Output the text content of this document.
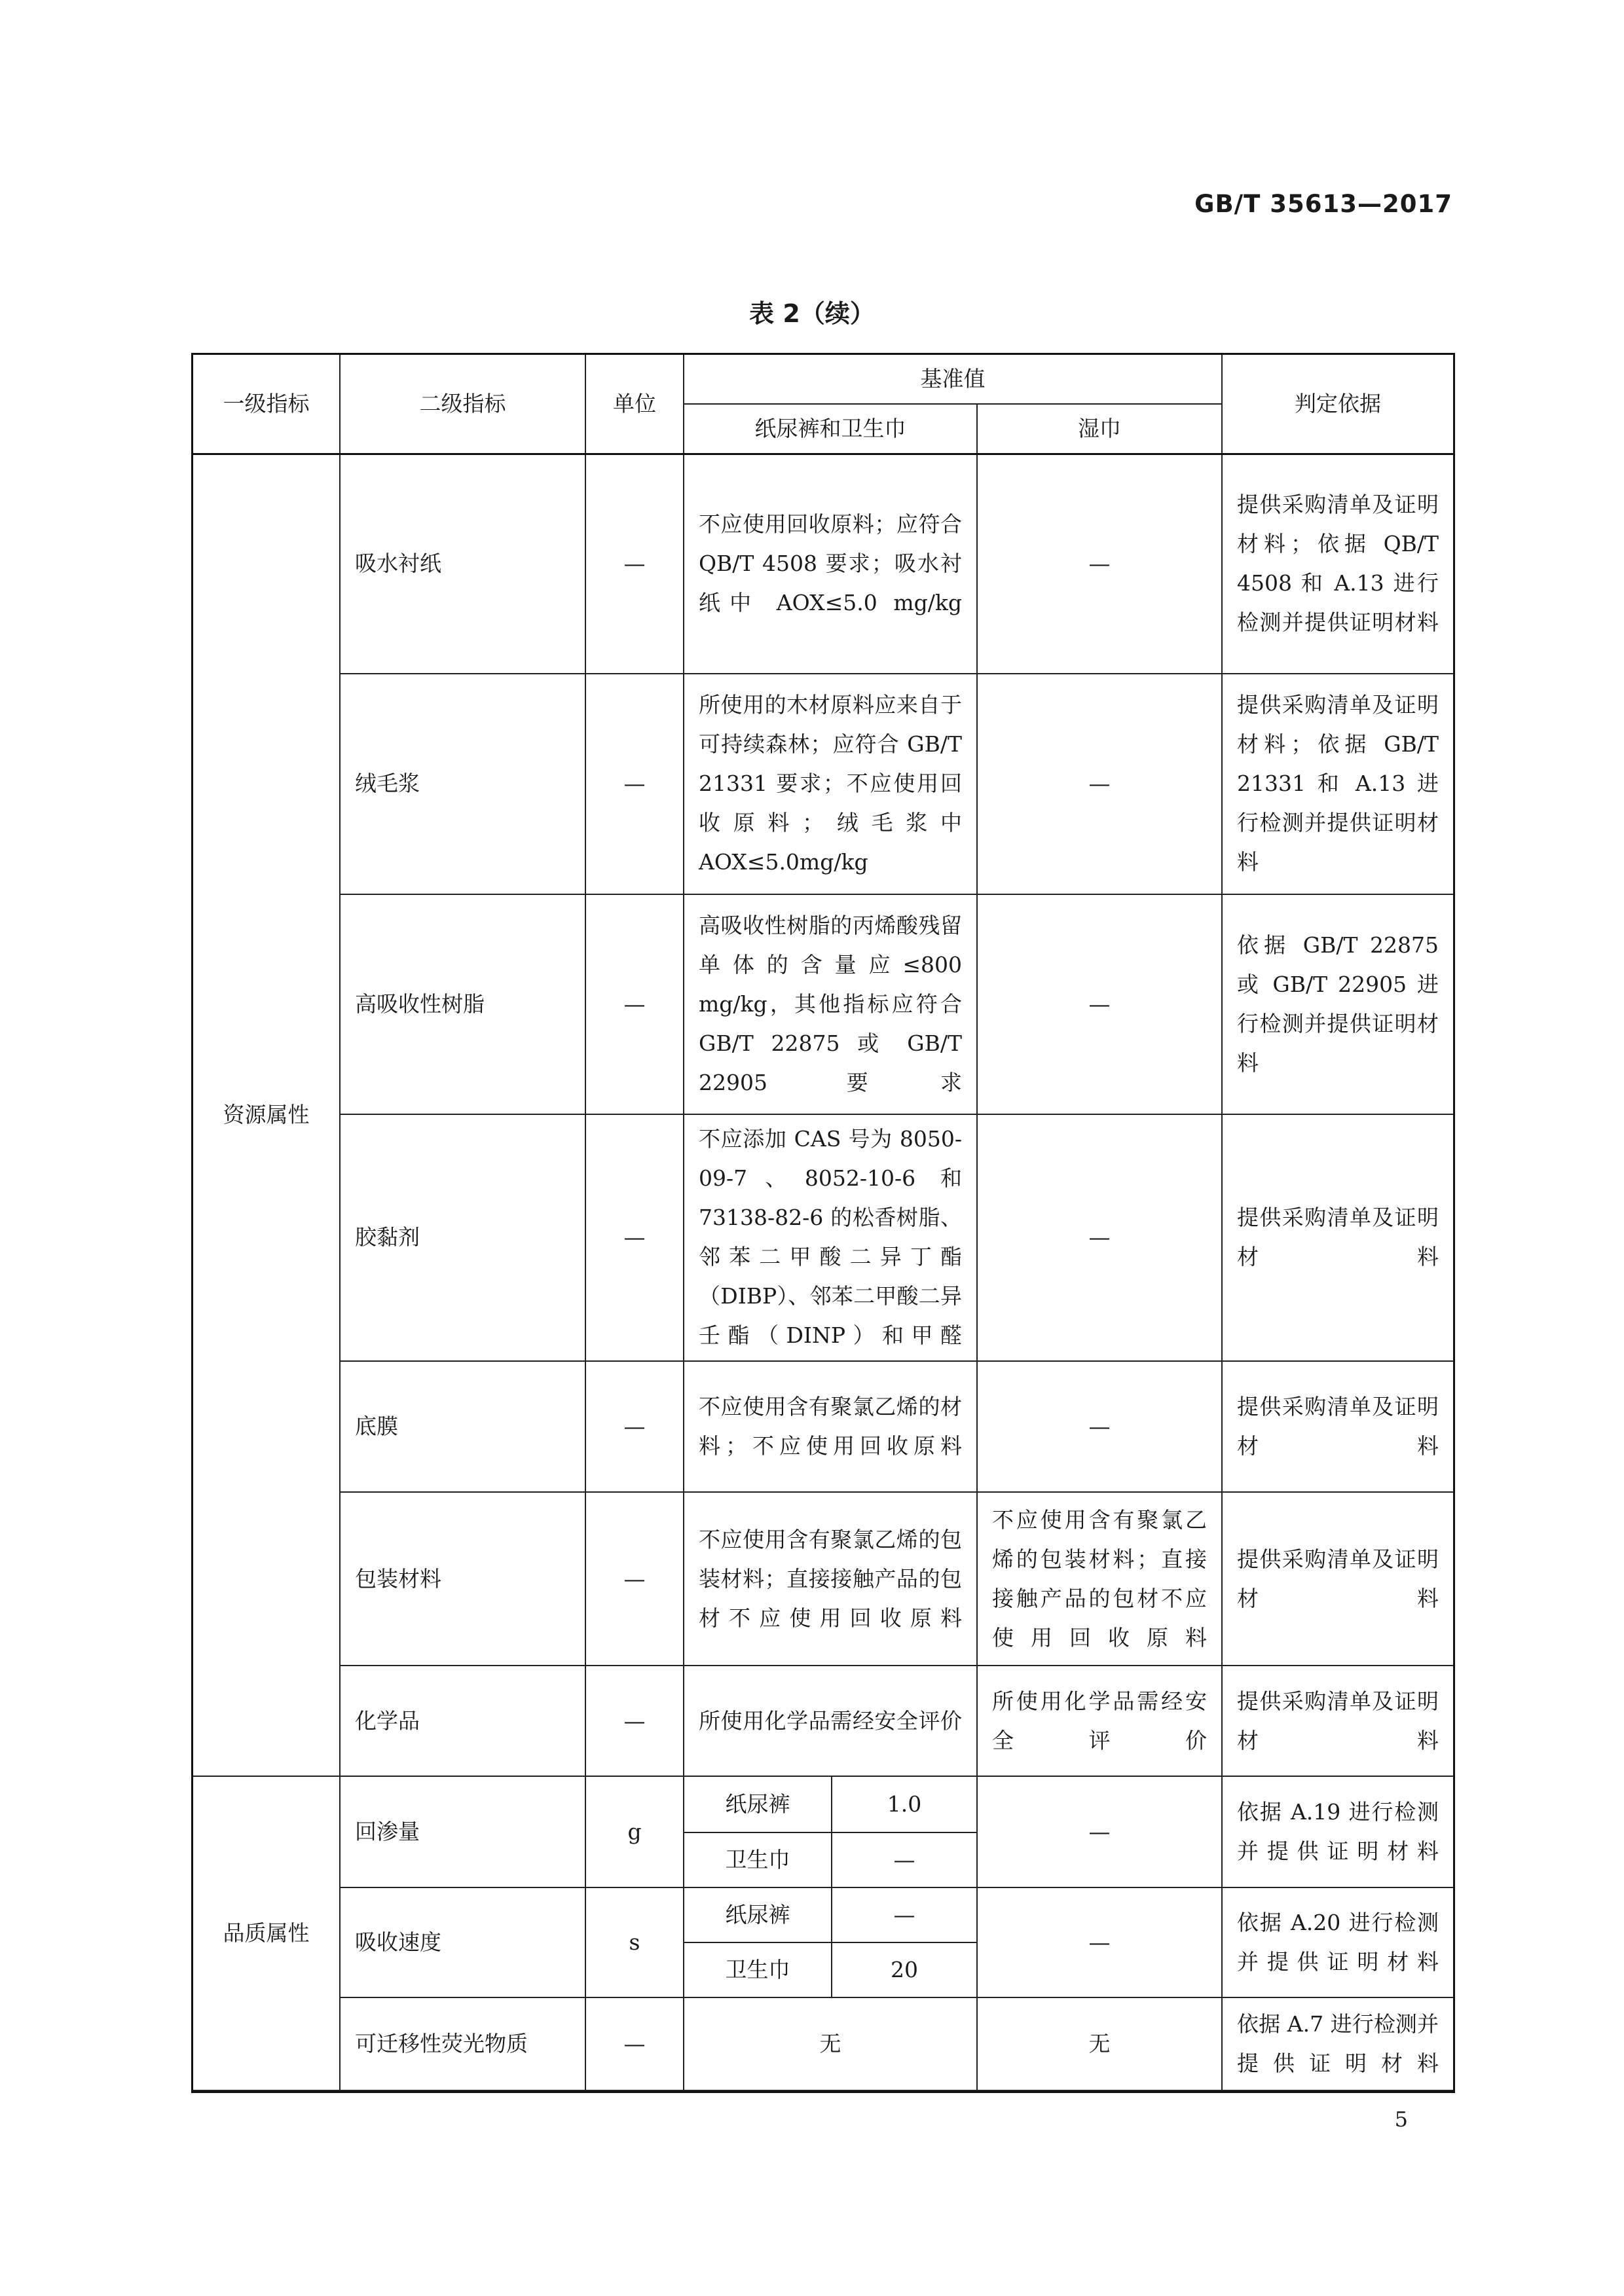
GB/T 35613—2017
表 2（续）
一级指标	二级指标	单位	基准值			判定依据
			纸尿裤和卫生巾		湿巾	
资源属性	吸水衬纸	—	不应使用回收原料；应符合 QB/T 4508 要求；吸水衬纸中 AOX≤5.0 mg/kg		—	提供采购清单及证明材料；依据 QB/T 4508 和 A.13 进行检测并提供证明材料
	绒毛浆	—	所使用的木材原料应来自于可持续森林；应符合 GB/T 21331 要求；不应使用回收原料；绒毛浆中 AOX≤5.0mg/kg		—	提供采购清单及证明材料；依据 GB/T 21331 和 A.13 进行检测并提供证明材料
	高吸收性树脂	—	高吸收性树脂的丙烯酸残留单体的含量应≤800 mg/kg，其他指标应符合 GB/T 22875 或 GB/T 22905 要求		—	依据 GB/T 22875 或 GB/T 22905 进行检测并提供证明材料
	胶黏剂	—	不应添加 CAS 号为 8050-09-7、8052-10-6 和 73138-82-6 的松香树脂、邻苯二甲酸二异丁酯（DIBP）、邻苯二甲酸二异壬酯（DINP）和甲醛		—	提供采购清单及证明材料
	底膜	—	不应使用含有聚氯乙烯的材料；不应使用回收原料		—	提供采购清单及证明材料
	包装材料	—	不应使用含有聚氯乙烯的包装材料；直接接触产品的包材不应使用回收原料		不应使用含有聚氯乙烯的包装材料；直接接触产品的包材不应使用回收原料	提供采购清单及证明材料
	化学品	—	所使用化学品需经安全评价		所使用化学品需经安全评价	提供采购清单及证明材料
品质属性	回渗量	g	纸尿裤	1.0	—	依据 A.19 进行检测并提供证明材料
			卫生巾	—		
	吸收速度	s	纸尿裤	—	—	依据 A.20 进行检测并提供证明材料
			卫生巾	20		
	可迁移性荧光物质	—	无		无	依据 A.7 进行检测并提供证明材料
5
